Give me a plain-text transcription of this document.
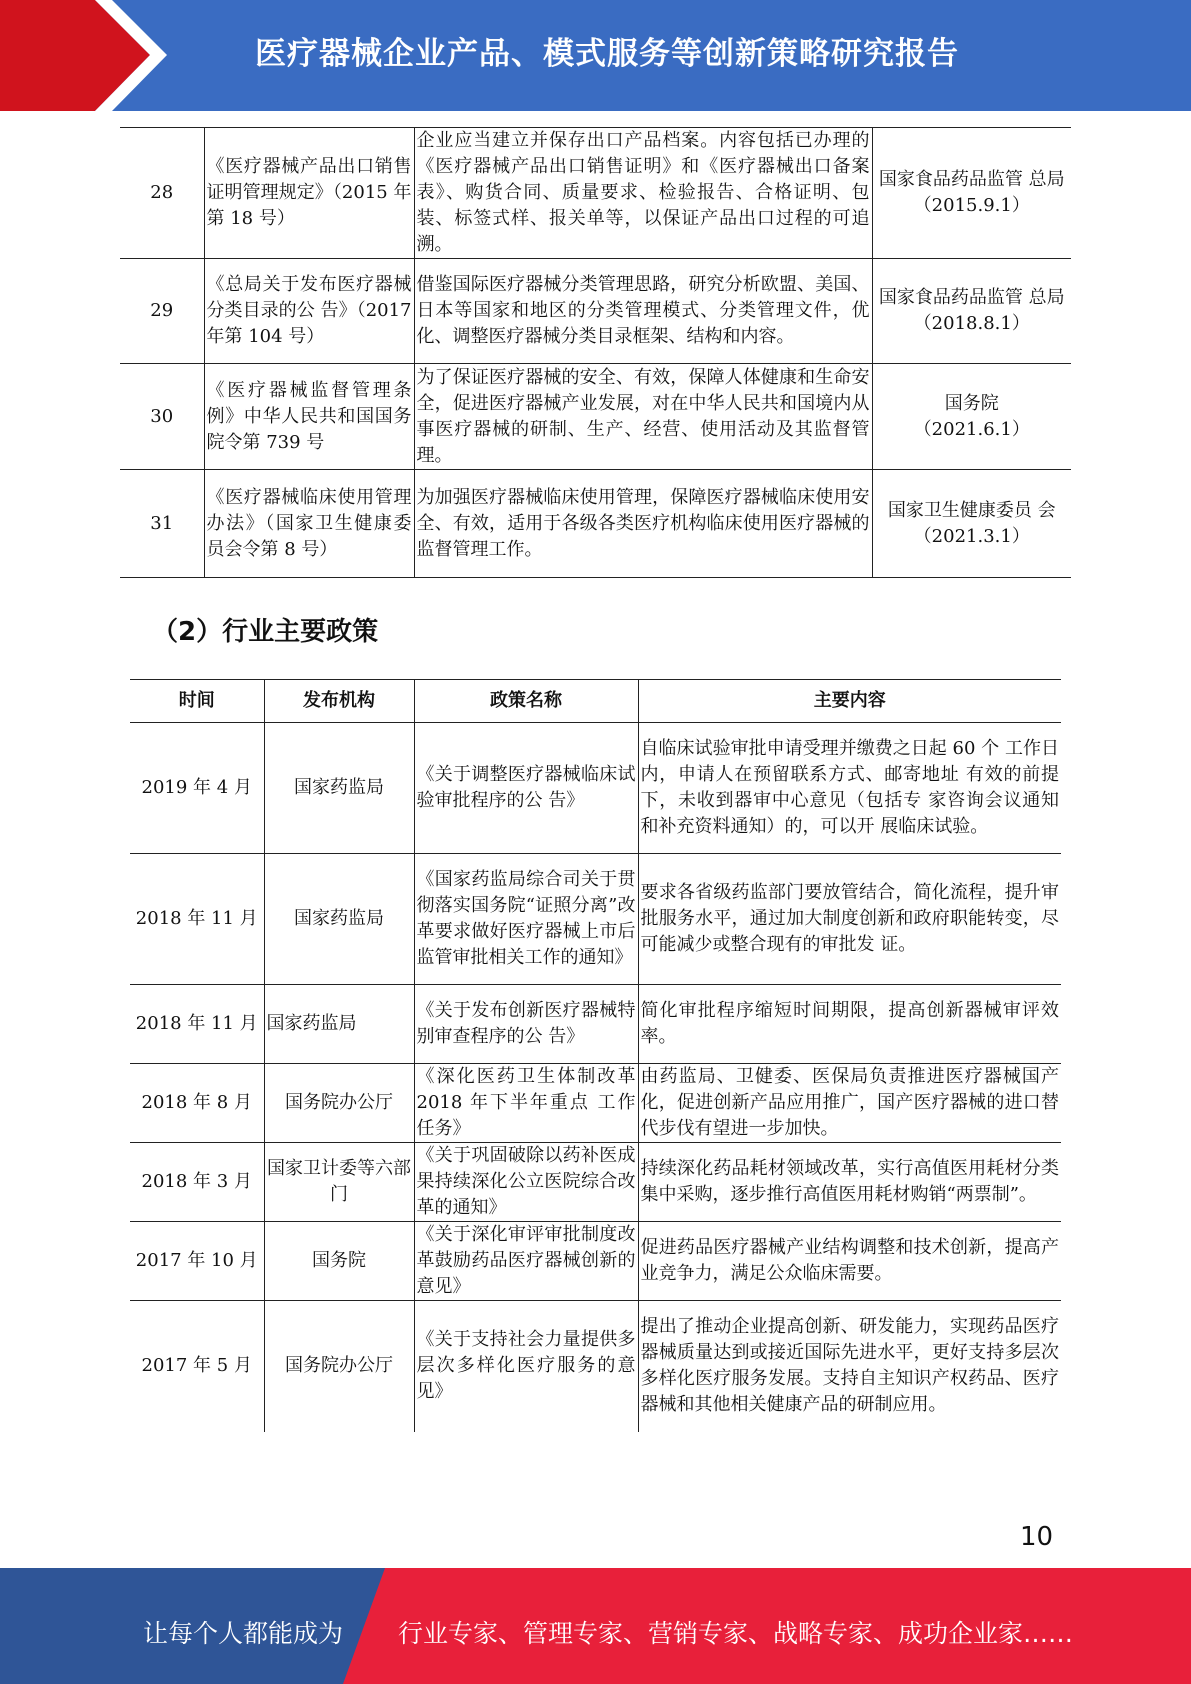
医疗器械企业产品、模式服务等创新策略研究报告
28	《医疗器械产品出口销售证明管理规定》（2015 年第 18 号）	企业应当建立并保存出口产品档案。内容包括已办理的《医疗器械产品出口销售证明》和《医疗器械出口备案表》、购货合同、质量要求、检验报告、合格证明、包装、标签式样、报关单等，以保证产品出口过程的可追溯。	国家食品药品监管 总局
（2015.9.1）

29	《总局关于发布医疗器械分类目录的公 告》（2017 年第 104 号）	借鉴国际医疗器械分类管理思路，研究分析欧盟、美国、日本等国家和地区的分类管理模式、分类管理文件，优化、调整医疗器械分类目录框架、结构和内容。	国家食品药品监管 总局
（2018.8.1）

30	《医疗器械监督管理条例》中华人民共和国国务院令第 739 号	为了保证医疗器械的安全、有效，保障人体健康和生命安全，促进医疗器械产业发展，对在中华人民共和国境内从事医疗器械的研制、生产、经营、使用活动及其监督管理。	国务院
（2021.6.1）

31	《医疗器械临床使用管理办法》（国家卫生健康委员会令第 8 号）	为加强医疗器械临床使用管理，保障医疗器械临床使用安全、有效，适用于各级各类医疗机构临床使用医疗器械的监督管理工作。	国家卫生健康委员 会
（2021.3.1）
（2）行业主要政策
时间	发布机构	政策名称	主要内容
2019 年 4 月	国家药监局	《关于调整医疗器械临床试验审批程序的公 告》	自临床试验审批申请受理并缴费之日起 60 个 工作日内，申请人在预留联系方式、邮寄地址 有效的前提下，未收到器审中心意见（包括专 家咨询会议通知和补充资料通知）的，可以开 展临床试验。
2018 年 11 月	国家药监局	《国家药监局综合司关于贯彻落实国务院“证照分离”改革要求做好医疗器械上市后监管审批相关工作的通知》	要求各省级药监部门要放管结合，简化流程，提升审批服务水平，通过加大制度创新和政府职能转变，尽可能减少或整合现有的审批发 证。
2018 年 11 月	国家药监局	《关于发布创新医疗器械特别审查程序的公 告》	简化审批程序缩短时间期限，提高创新器械审评效率。
2018 年 8 月	国务院办公厅	《深化医药卫生体制改革 2018 年下半年重点 工作任务》	由药监局、卫健委、医保局负责推进医疗器械国产化，促进创新产品应用推广，国产医疗器械的进口替代步伐有望进一步加快。
2018 年 3 月	国家卫计委等六部门	《关于巩固破除以药补医成果持续深化公立医院综合改革的通知》	持续深化药品耗材领域改革，实行高值医用耗材分类集中采购，逐步推行高值医用耗材购销“两票制”。
2017 年 10 月	国务院	《关于深化审评审批制度改革鼓励药品医疗器械创新的意见》	促进药品医疗器械产业结构调整和技术创新，提高产业竞争力，满足公众临床需要。
2017 年 5 月	国务院办公厅	《关于支持社会力量提供多层次多样化医疗服务的意见》	提出了推动企业提高创新、研发能力，实现药品医疗器械质量达到或接近国际先进水平，更好支持多层次多样化医疗服务发展。支持自主知识产权药品、医疗器械和其他相关健康产品的研制应用。
10
让每个人都能成为 行业专家、管理专家、营销专家、战略专家、成功企业家……
